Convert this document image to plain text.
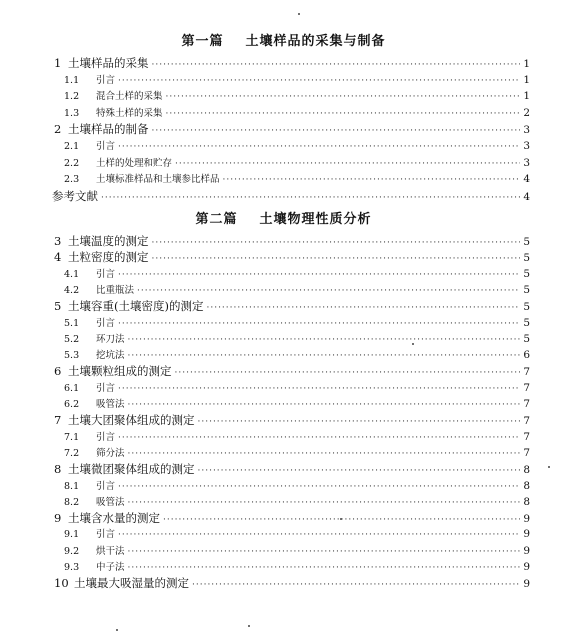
第一篇    土壤样品的采集与制备
1 土壤样品的采集 ·····	1
1.1	引言 ·····	1
1.2	混合土样的采集 ·····	1
1.3	特殊土样的采集 ·····	2
2 土壤样品的制备 ·····	3
2.1	引言 ·····	3
2.2	土样的处理和贮存 ·····	3
2.3	土壤标准样品和土壤参比样品 ·····	4
参考文献 ·····	4
第二篇    土壤物理性质分析
3 土壤温度的测定 ·····	5
4 土粒密度的测定 ·····	5
4.1	引言 ·····	5
4.2	比重瓶法 ·····	5
5 土壤容重(土壤密度)的测定 ·····	5
5.1	引言 ·····	5
5.2	环刀法 ·····	5
5.3	挖坑法 ·····	6
6 土壤颗粒组成的测定 ·····	7
6.1	引言 ·····	7
6.2	吸管法 ·····	7
7 土壤大团聚体组成的测定 ·····	7
7.1	引言 ·····	7
7.2	筛分法 ·····	7
8 土壤微团聚体组成的测定 ·····	8
8.1	引言 ·····	8
8.2	吸管法 ·····	8
9 土壤含水量的测定 ·····	9
9.1	引言 ·····	9
9.2	烘干法 ·····	9
9.3	中子法 ·····	9
10 土壤最大吸湿量的测定 ·····	9
